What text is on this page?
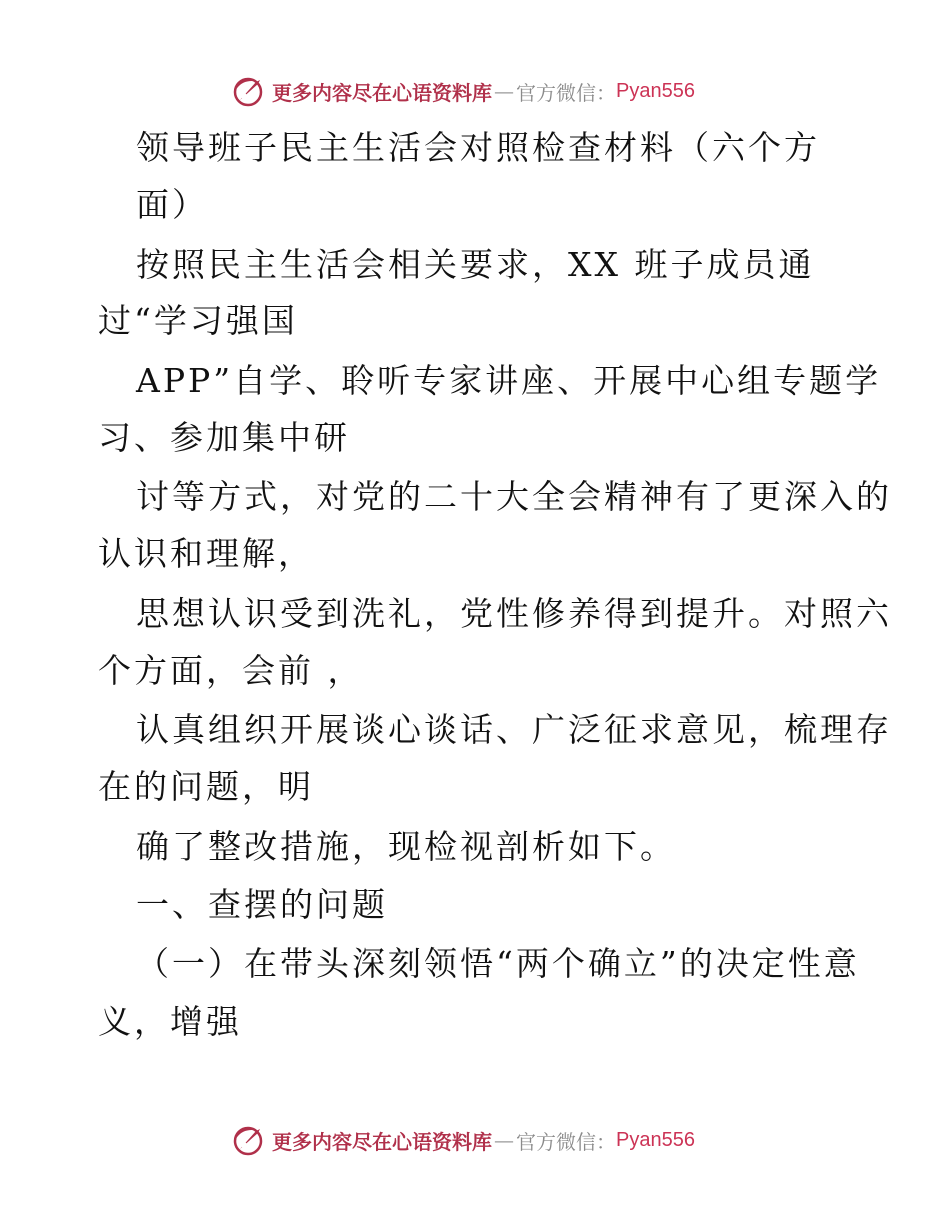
更多内容尽在心语资料库 — 官方微信： Pyan556
领导班子民主生活会对照检查材料（六个方
面）
按照民主生活会相关要求，XX 班子成员通
过“学习强国
APP”自学、聆听专家讲座、开展中心组专题学
习、参加集中研
讨等方式，对党的二十大全会精神有了更深入的
认识和理解，
思想认识受到洗礼，党性修养得到提升。对照六
个方面，会前 ，
认真组织开展谈心谈话、广泛征求意见，梳理存
在的问题，明
确了整改措施，现检视剖析如下。
一、查摆的问题
（一）在带头深刻领悟“两个确立”的决定性意
义，增强
更多内容尽在心语资料库 — 官方微信： Pyan556
